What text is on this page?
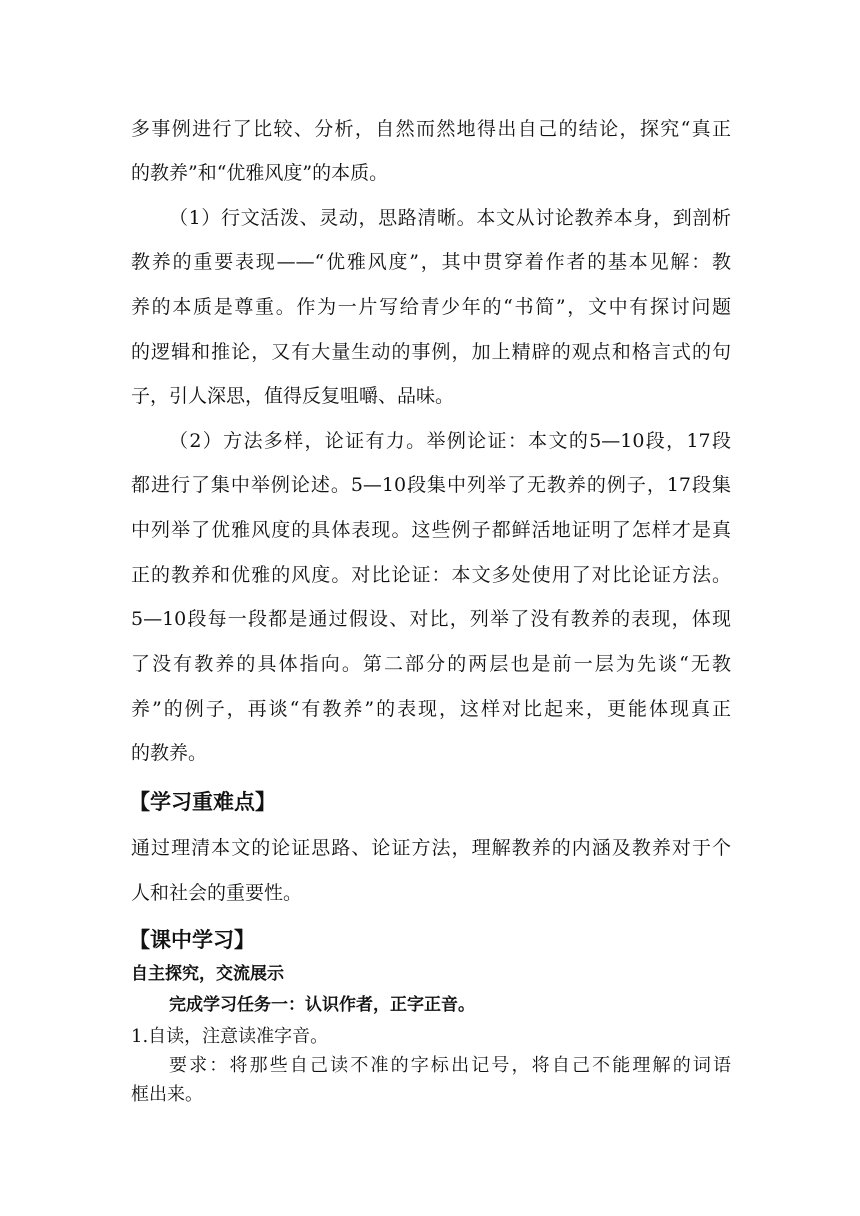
多事例进行了比较、分析，自然而然地得出自己的结论，探究“真正
的教养”和“优雅风度”的本质。
（1）行文活泼、灵动，思路清晰。本文从讨论教养本身，到剖析
教养的重要表现——“优雅风度”，其中贯穿着作者的基本见解：教
养的本质是尊重。作为一片写给青少年的“书简”，文中有探讨问题
的逻辑和推论，又有大量生动的事例，加上精辟的观点和格言式的句
子，引人深思，值得反复咀嚼、品味。
（2）方法多样，论证有力。举例论证：本文的5—10段，17段
都进行了集中举例论述。5—10段集中列举了无教养的例子，17段集
中列举了优雅风度的具体表现。这些例子都鲜活地证明了怎样才是真
正的教养和优雅的风度。对比论证：本文多处使用了对比论证方法。
5—10段每一段都是通过假设、对比，列举了没有教养的表现，体现
了没有教养的具体指向。第二部分的两层也是前一层为先谈“无教
养”的例子，再谈“有教养”的表现，这样对比起来，更能体现真正
的教养。
【学习重难点】
通过理清本文的论证思路、论证方法，理解教养的内涵及教养对于个
人和社会的重要性。
【课中学习】
自主探究，交流展示
完成学习任务一：认识作者，正字正音。
1.自读，注意读准字音。
要求：将那些自己读不准的字标出记号，将自己不能理解的词语
框出来。
